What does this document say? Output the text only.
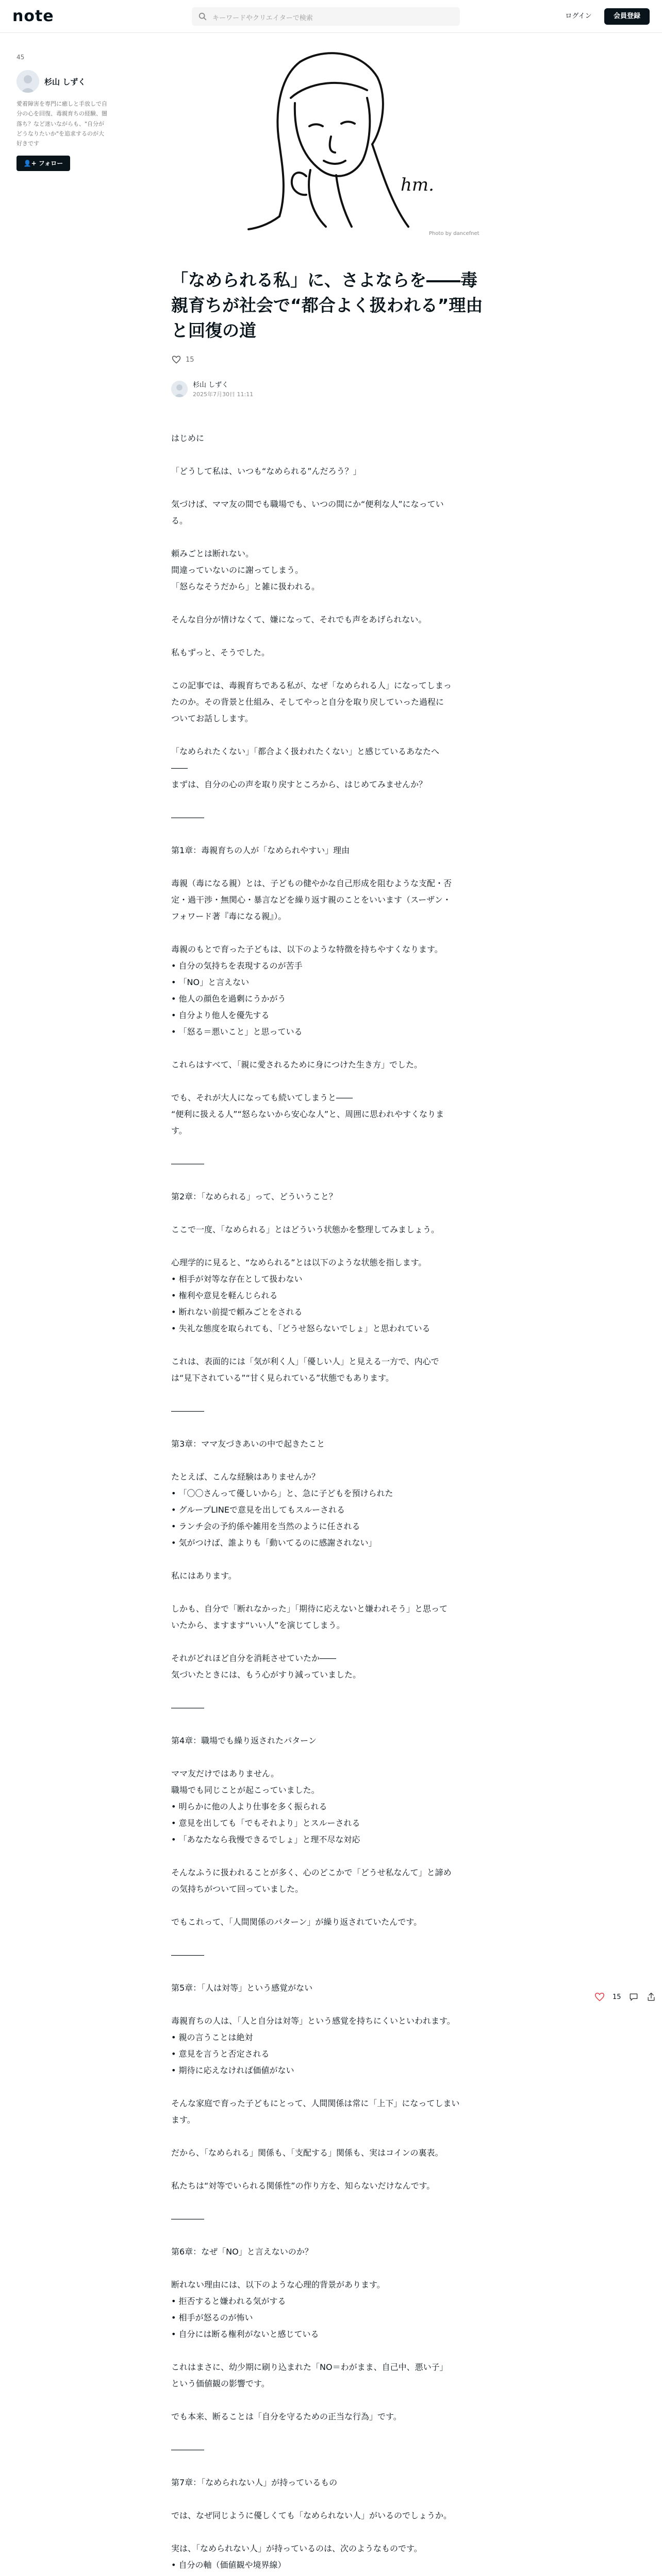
note	キーワードやクリエイターで検索	ログイン	会員登録
45
杉山 しずく
愛着障害を専門に癒しと手放しで自分の心を回復、毒親育ちの経験、闇落ち？など迷いながらも、"自分がどうなりたいか"を追求するのが大好きです
👤+ フォロー
hm.
Photo by dancefnet
「なめられる私」に、さよならを――毒親育ちが社会で“都合よく扱われる”理由と回復の道
15
杉山 しずく
2025年7月30日 11:11
はじめに
「どうして私は、いつも“なめられる”んだろう？」
気づけば、ママ友の間でも職場でも、いつの間にか“便利な人”になってい
る。
頼みごとは断れない。
間違っていないのに謝ってしまう。
「怒らなそうだから」と雑に扱われる。
そんな自分が情けなくて、嫌になって、それでも声をあげられない。
私もずっと、そうでした。
この記事では、毒親育ちである私が、なぜ「なめられる人」になってしまっ
たのか。その背景と仕組み、そしてやっと自分を取り戻していった過程に
ついてお話しします。
「なめられたくない」「都合よく扱われたくない」と感じているあなたへ
――
まずは、自分の心の声を取り戻すところから、はじめてみませんか？
――――
第1章：毒親育ちの人が「なめられやすい」理由
毒親（毒になる親）とは、子どもの健やかな自己形成を阻むような支配・否
定・過干渉・無関心・暴言などを繰り返す親のことをいいます（スーザン・
フォワード著『毒になる親』）。
毒親のもとで育った子どもは、以下のような特徴を持ちやすくなります。
• 自分の気持ちを表現するのが苦手
• 「NO」と言えない
• 他人の顔色を過剰にうかがう
• 自分より他人を優先する
• 「怒る＝悪いこと」と思っている
これらはすべて、「親に愛されるために身につけた生き方」でした。
でも、それが大人になっても続いてしまうと――
“便利に扱える人”“怒らないから安心な人”と、周囲に思われやすくなりま
す。
――――
第2章：「なめられる」って、どういうこと？
ここで一度、「なめられる」とはどういう状態かを整理してみましょう。
心理学的に見ると、“なめられる”とは以下のような状態を指します。
• 相手が対等な存在として扱わない
• 権利や意見を軽んじられる
• 断れない前提で頼みごとをされる
• 失礼な態度を取られても、「どうせ怒らないでしょ」と思われている
これは、表面的には「気が利く人」「優しい人」と見える一方で、内心で
は“見下されている”“甘く見られている”状態でもあります。
――――
第3章：ママ友づきあいの中で起きたこと
たとえば、こんな経験はありませんか？
• 「〇〇さんって優しいから」と、急に子どもを預けられた
• グループLINEで意見を出してもスルーされる
• ランチ会の予約係や雑用を当然のように任される
• 気がつけば、誰よりも「動いてるのに感謝されない」
私にはあります。
しかも、自分で「断れなかった」「期待に応えないと嫌われそう」と思って
いたから、ますます“いい人”を演じてしまう。
それがどれほど自分を消耗させていたか――
気づいたときには、もう心がすり減っていました。
――――
第4章：職場でも繰り返されたパターン
ママ友だけではありません。
職場でも同じことが起こっていました。
• 明らかに他の人より仕事を多く振られる
• 意見を出しても「でもそれより」とスルーされる
• 「あなたなら我慢できるでしょ」と理不尽な対応
そんなふうに扱われることが多く、心のどこかで「どうせ私なんて」と諦め
の気持ちがついて回っていました。
でもこれって、「人間関係のパターン」が繰り返されていたんです。
――――
第5章：「人は対等」という感覚がない
毒親育ちの人は、「人と自分は対等」という感覚を持ちにくいといわれます。
• 親の言うことは絶対
• 意見を言うと否定される
• 期待に応えなければ価値がない
そんな家庭で育った子どもにとって、人間関係は常に「上下」になってしまい
ます。
だから、「なめられる」関係も、「支配する」関係も、実はコインの裏表。
私たちは“対等でいられる関係性”の作り方を、知らないだけなんです。
――――
第6章：なぜ「NO」と言えないのか？
断れない理由には、以下のような心理的背景があります。
• 拒否すると嫌われる気がする
• 相手が怒るのが怖い
• 自分には断る権利がないと感じている
これはまさに、幼少期に刷り込まれた「NO＝わがまま、自己中、悪い子」
という価値観の影響です。
でも本来、断ることは「自分を守るための正当な行為」です。
――――
第7章：「なめられない人」が持っているもの
では、なぜ同じように優しくても「なめられない人」がいるのでしょうか。
実は、「なめられない人」が持っているのは、次のようなものです。
• 自分の軸（価値観や境界線）
15
